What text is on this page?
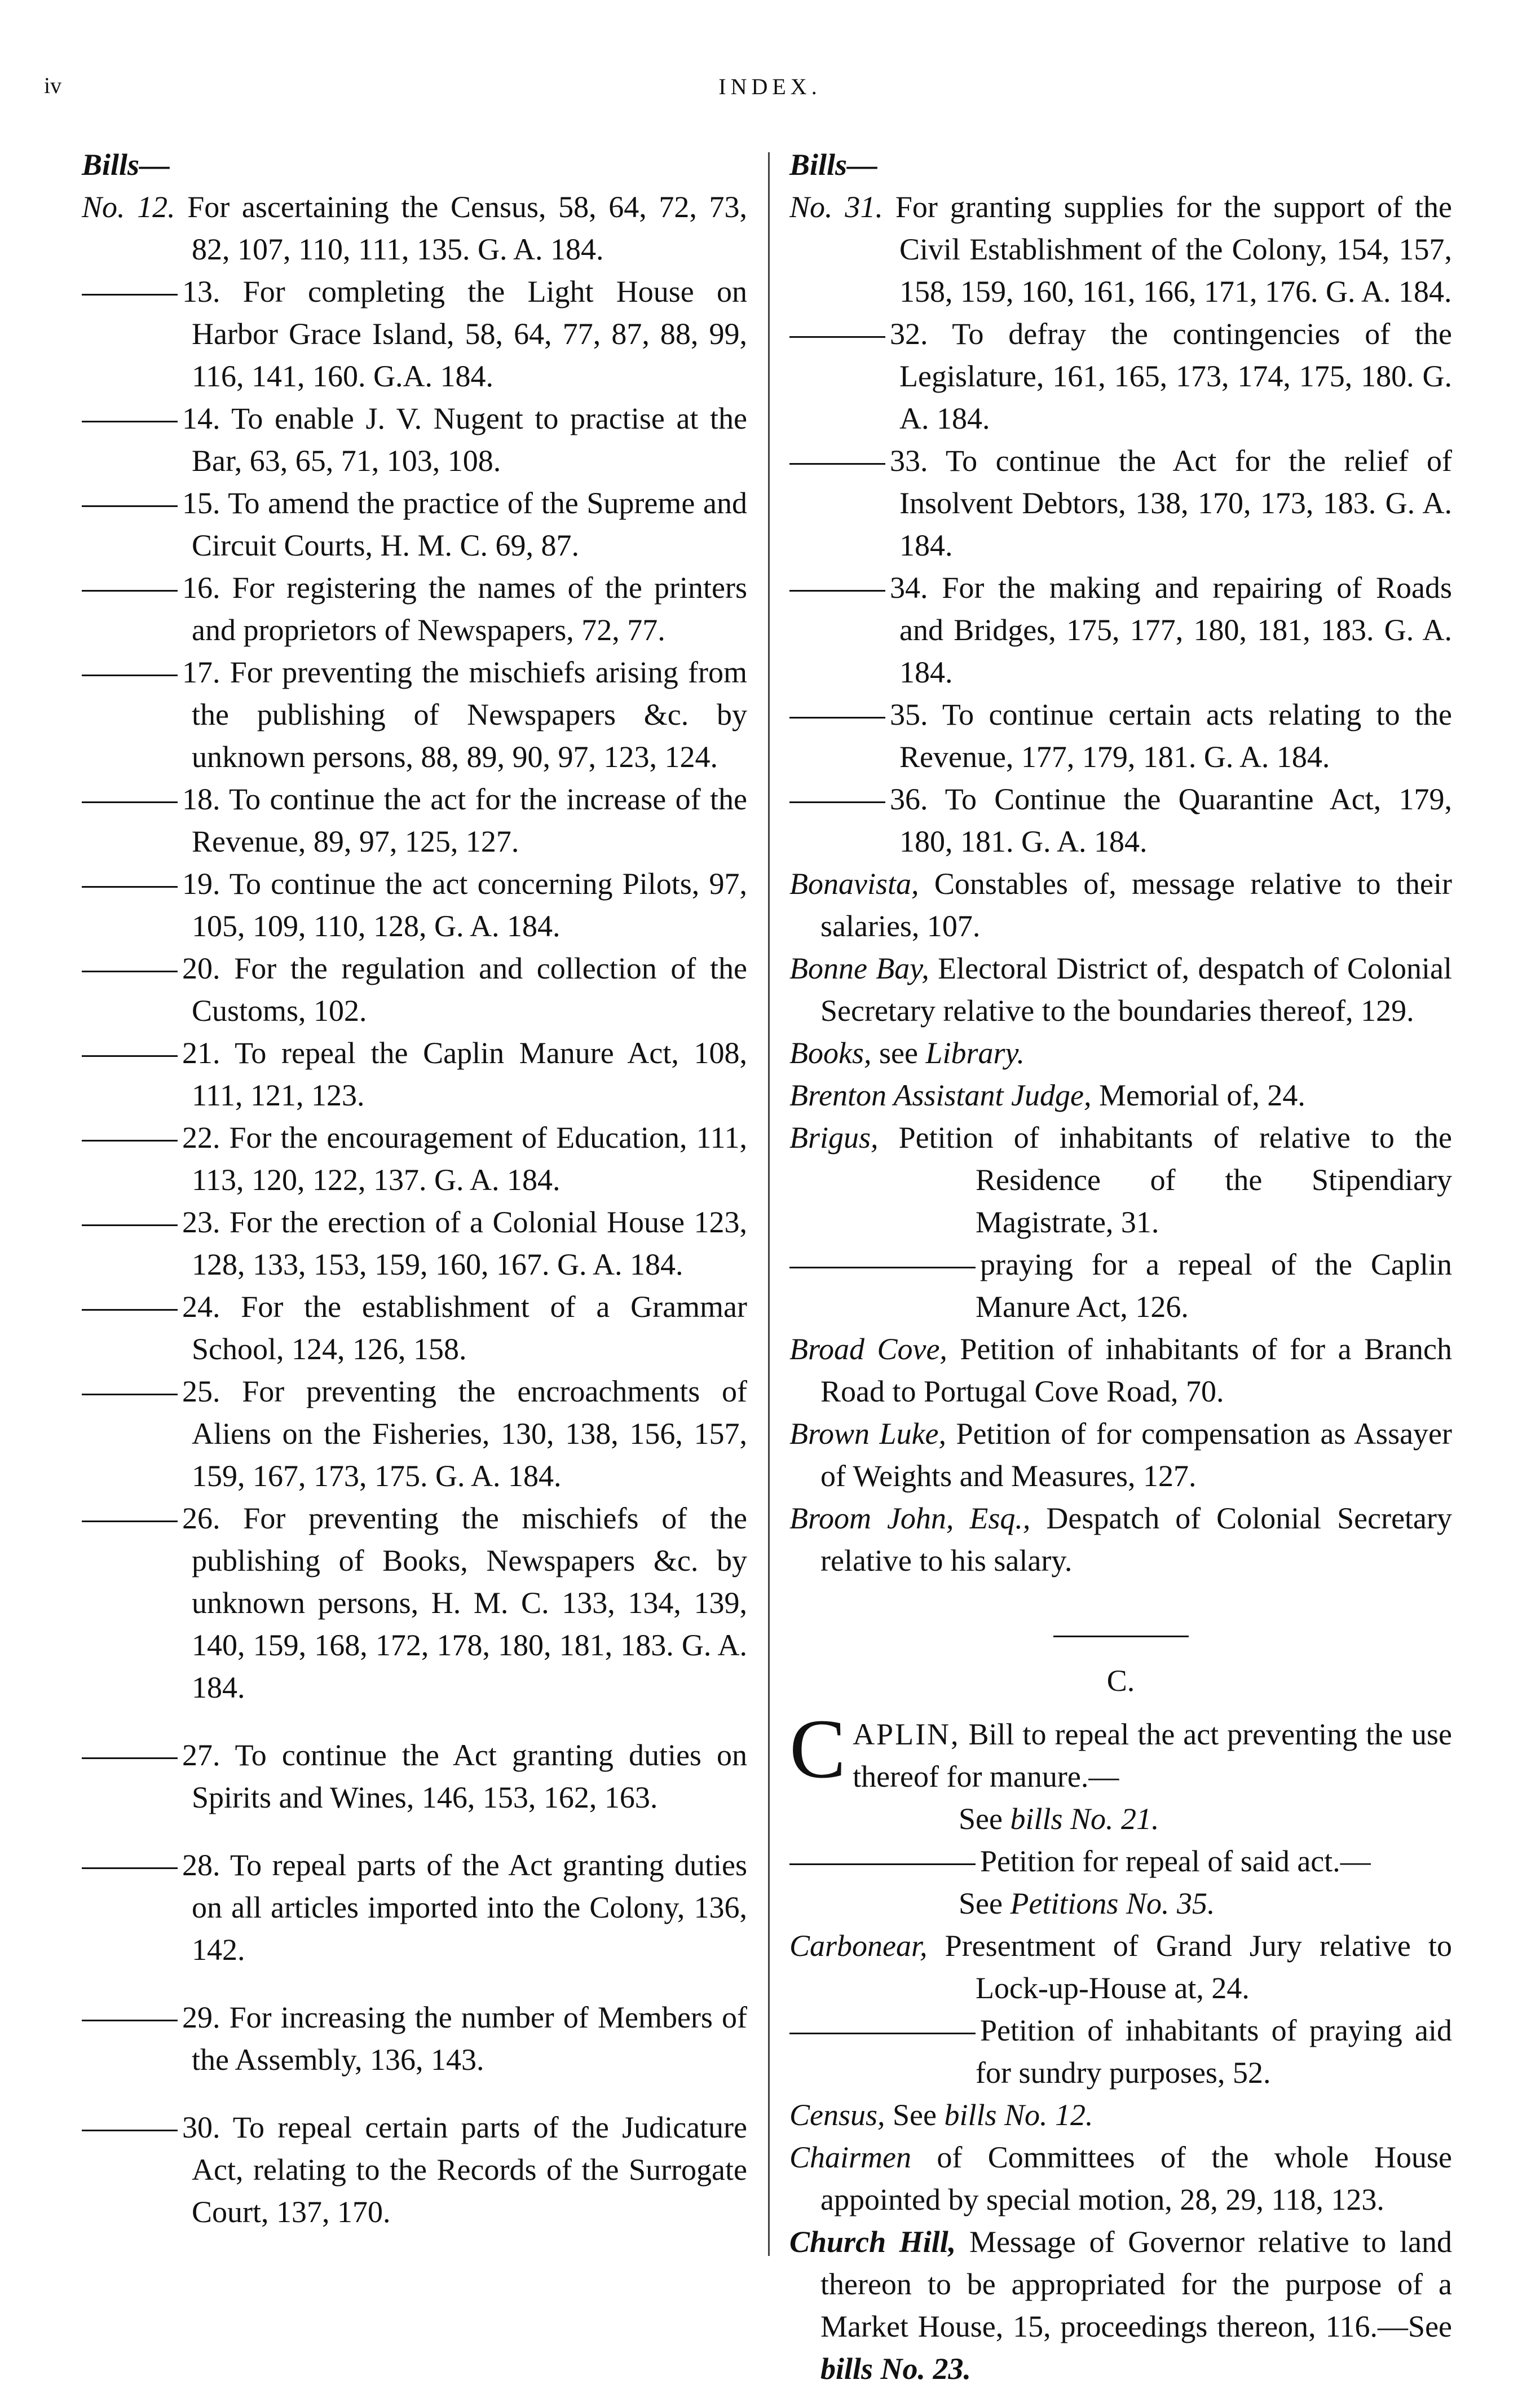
iv	INDEX.
Bills—

No. 12. For ascertaining the Census, 58, 64, 72, 73, 82, 107, 110, 111, 135. G. A. 184.

13. For completing the Light House on Harbor Grace Island, 58, 64, 77, 87, 88, 99, 116, 141, 160. G.A. 184.

14. To enable J. V. Nugent to practise at the Bar, 63, 65, 71, 103, 108.

15. To amend the practice of the Supreme and Circuit Courts, H. M. C. 69, 87.

16. For registering the names of the printers and proprietors of Newspapers, 72, 77.

17. For preventing the mischiefs arising from the publishing of Newspapers &c. by unknown persons, 88, 89, 90, 97, 123, 124.

18. To continue the act for the increase of the Revenue, 89, 97, 125, 127.

19. To continue the act concerning Pilots, 97, 105, 109, 110, 128, G. A. 184.

20. For the regulation and collection of the Customs, 102.

21. To repeal the Caplin Manure Act, 108, 111, 121, 123.

22. For the encouragement of Education, 111, 113, 120, 122, 137. G. A. 184.

23. For the erection of a Colonial House 123, 128, 133, 153, 159, 160, 167. G. A. 184.

24. For the establishment of a Grammar School, 124, 126, 158.

25. For preventing the encroachments of Aliens on the Fisheries, 130, 138, 156, 157, 159, 167, 173, 175. G. A. 184.

26. For preventing the mischiefs of the publishing of Books, Newspapers &c. by unknown persons, H. M. C. 133, 134, 139, 140, 159, 168, 172, 178, 180, 181, 183. G. A. 184.

27. To continue the Act granting duties on Spirits and Wines, 146, 153, 162, 163.

28. To repeal parts of the Act granting duties on all articles imported into the Colony, 136, 142.

29. For increasing the number of Members of the Assembly, 136, 143.

30. To repeal certain parts of the Judicature Act, relating to the Records of the Surrogate Court, 137, 170.

Bills—

No. 31. For granting supplies for the support of the Civil Establishment of the Colony, 154, 157, 158, 159, 160, 161, 166, 171, 176. G. A. 184.

32. To defray the contingencies of the Legislature, 161, 165, 173, 174, 175, 180. G. A. 184.

33. To continue the Act for the relief of Insolvent Debtors, 138, 170, 173, 183. G. A. 184.

34. For the making and repairing of Roads and Bridges, 175, 177, 180, 181, 183. G. A. 184.

35. To continue certain acts relating to the Revenue, 177, 179, 181. G. A. 184.

36. To Continue the Quarantine Act, 179, 180, 181. G. A. 184.

Bonavista, Constables of, message relative to their salaries, 107.

Bonne Bay, Electoral District of, despatch of Colonial Secretary relative to the boundaries thereof, 129.

Books, see Library.

Brenton Assistant Judge, Memorial of, 24.

Brigus, Petition of inhabitants of relative to the Residence of the Stipendiary Magistrate, 31.

praying for a repeal of the Caplin Manure Act, 126.

Broad Cove, Petition of inhabitants of for a Branch Road to Portugal Cove Road, 70.

Brown Luke, Petition of for compensation as Assayer of Weights and Measures, 127.

Broom John, Esq., Despatch of Colonial Secretary relative to his salary.

C.

CAPLIN, Bill to repeal the act preventing the use thereof for manure.—

See bills No. 21.

Petition for repeal of said act.—

See Petitions No. 35.

Carbonear, Presentment of Grand Jury relative to Lock-up-House at, 24.

Petition of inhabitants of praying aid for sundry purposes, 52.

Census, See bills No. 12.

Chairmen of Committees of the whole House appointed by special motion, 28, 29, 118, 123.

Church Hill, Message of Governor relative to land thereon to be appropriated for the purpose of a Market House, 15, proceedings thereon, 116.—See bills No. 23.
